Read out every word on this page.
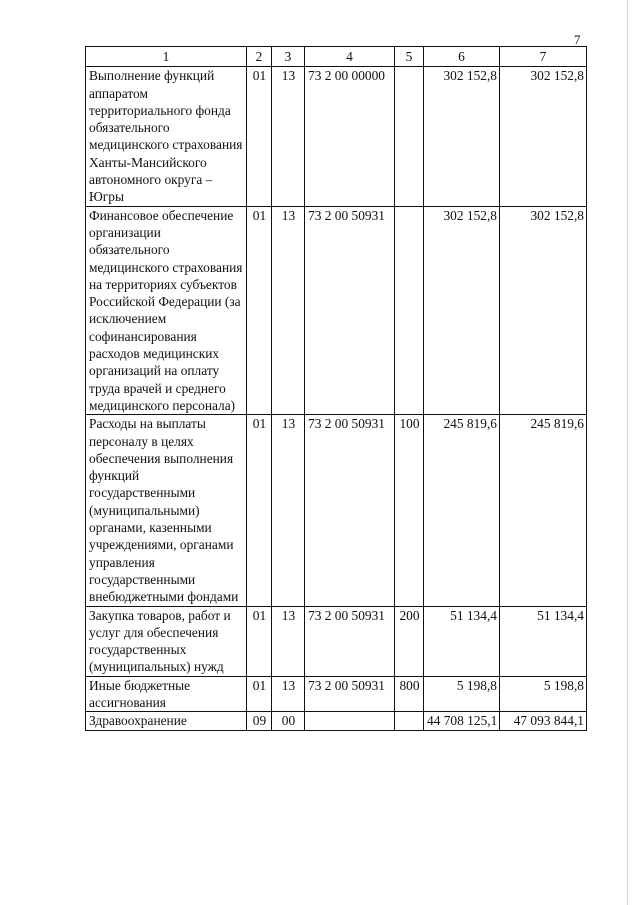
7
1	2	3	4	5	6	7
Выполнение функций аппаратом территориального фонда обязательного медицинского страхования Ханты-Мансийского автономного округа – Югры	01	13	73 2 00 00000		302 152,8	302 152,8
Финансовое обеспечение организации обязательного медицинского страхования на территориях субъектов Российской Федерации (за исключением софинансирования расходов медицинских организаций на оплату труда врачей и среднего медицинского персонала)	01	13	73 2 00 50931		302 152,8	302 152,8
Расходы на выплаты персоналу в целях обеспечения выполнения функций государственными (муниципальными) органами, казенными учреждениями, органами управления государственными внебюджетными фондами	01	13	73 2 00 50931	100	245 819,6	245 819,6
Закупка товаров, работ и услуг для обеспечения государственных (муниципальных) нужд	01	13	73 2 00 50931	200	51 134,4	51 134,4
Иные бюджетные ассигнования	01	13	73 2 00 50931	800	5 198,8	5 198,8
Здравоохранение	09	00			44 708 125,1	47 093 844,1
